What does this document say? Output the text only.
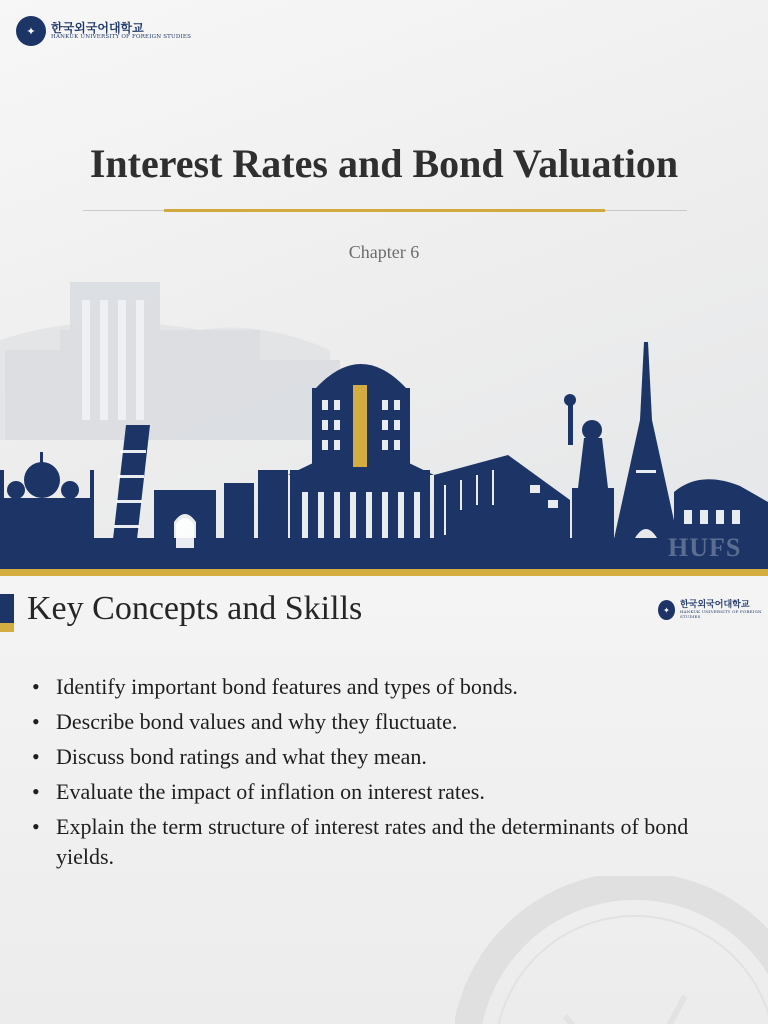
✦	한국외국어대학교
HANKUK UNIVERSITY OF FOREIGN STUDIES
Interest Rates and Bond Valuation
Chapter 6
HUFS
Key Concepts and Skills	✦	한국외국어대학교
HANKUK UNIVERSITY OF FOREIGN STUDIES
• Identify important bond features and types of bonds.
• Describe bond values and why they fluctuate.
• Discuss bond ratings and what they mean.
• Evaluate the impact of inflation on interest rates.
• Explain the term structure of interest rates and the determinants of bond yields.
